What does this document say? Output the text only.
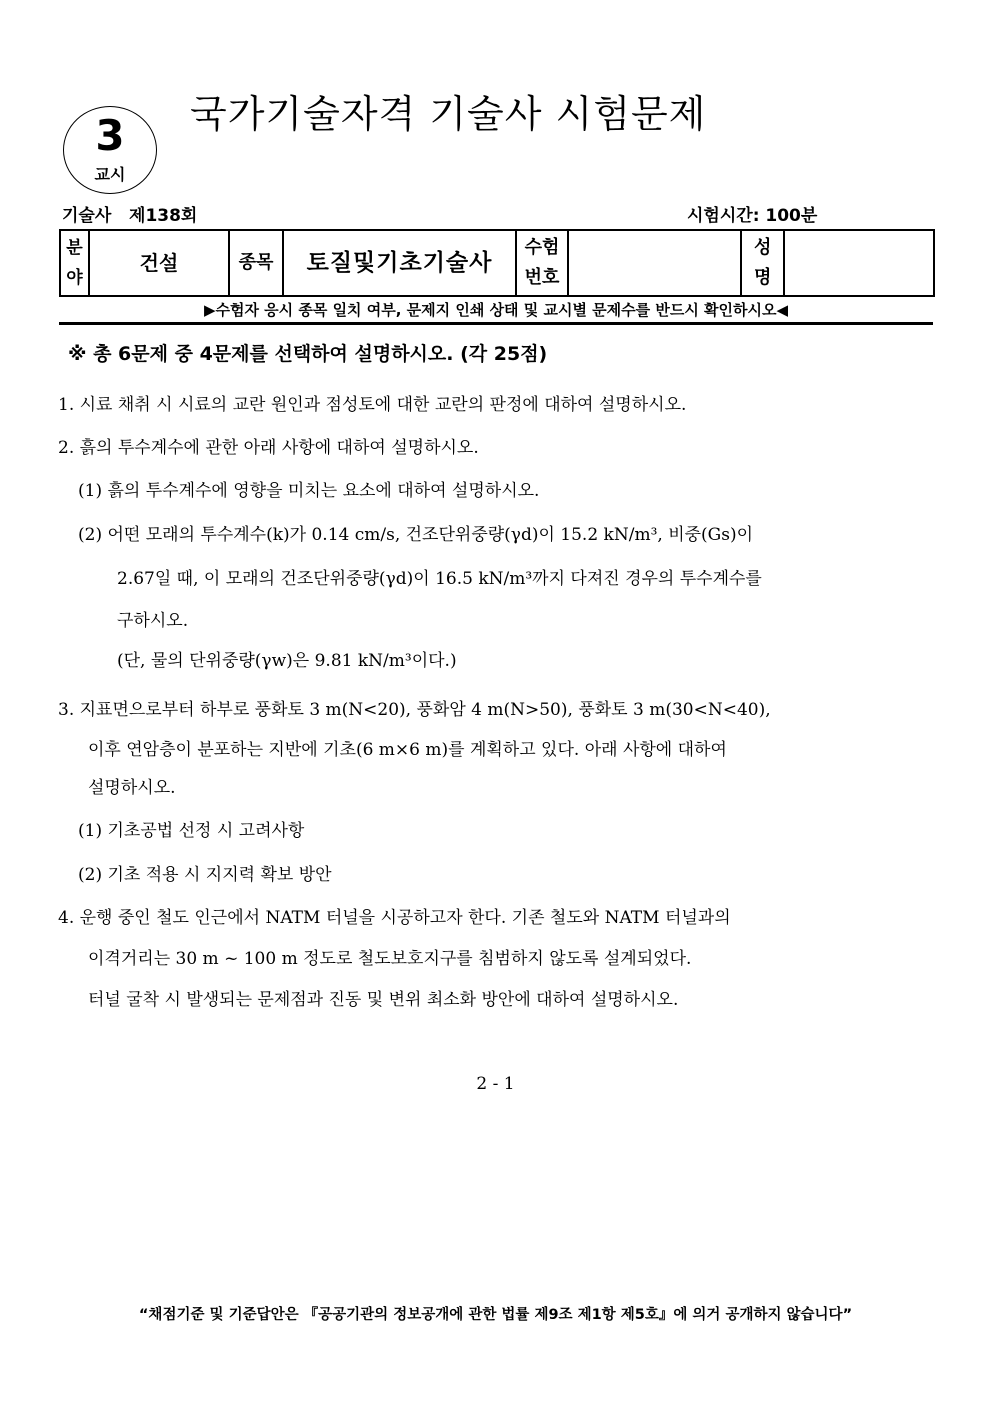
3
교시
국가기술자격 기술사 시험문제
기술사   제138회	시험시간: 100분
분야	건설	종목	토질및기초기술사	수험번호		성명	
▶수험자 응시 종목 일치 여부, 문제지 인쇄 상태 및 교시별 문제수를 반드시 확인하시오◀
※ 총 6문제 중 4문제를 선택하여 설명하시오. (각 25점)
1. 시료 채취 시 시료의 교란 원인과 점성토에 대한 교란의 판정에 대하여 설명하시오.
2. 흙의 투수계수에 관한 아래 사항에 대하여 설명하시오.
(1) 흙의 투수계수에 영향을 미치는 요소에 대하여 설명하시오.
(2) 어떤 모래의 투수계수(k)가 0.14 cm/s, 건조단위중량(γd)이 15.2 kN/m³, 비중(Gs)이
2.67일 때, 이 모래의 건조단위중량(γd)이 16.5 kN/m³까지 다져진 경우의 투수계수를
구하시오.
(단, 물의 단위중량(γw)은 9.81 kN/m³이다.)
3. 지표면으로부터 하부로 풍화토 3 m(N<20), 풍화암 4 m(N>50), 풍화토 3 m(30<N<40),
이후 연암층이 분포하는 지반에 기초(6 m×6 m)를 계획하고 있다. 아래 사항에 대하여
설명하시오.
(1) 기초공법 선정 시 고려사항
(2) 기초 적용 시 지지력 확보 방안
4. 운행 중인 철도 인근에서 NATM 터널을 시공하고자 한다. 기존 철도와 NATM 터널과의
이격거리는 30 m ~ 100 m 정도로 철도보호지구를 침범하지 않도록 설계되었다.
터널 굴착 시 발생되는 문제점과 진동 및 변위 최소화 방안에 대하여 설명하시오.
2 - 1
“채점기준 및 기준답안은 『공공기관의 정보공개에 관한 법률 제9조 제1항 제5호』에 의거 공개하지 않습니다”
